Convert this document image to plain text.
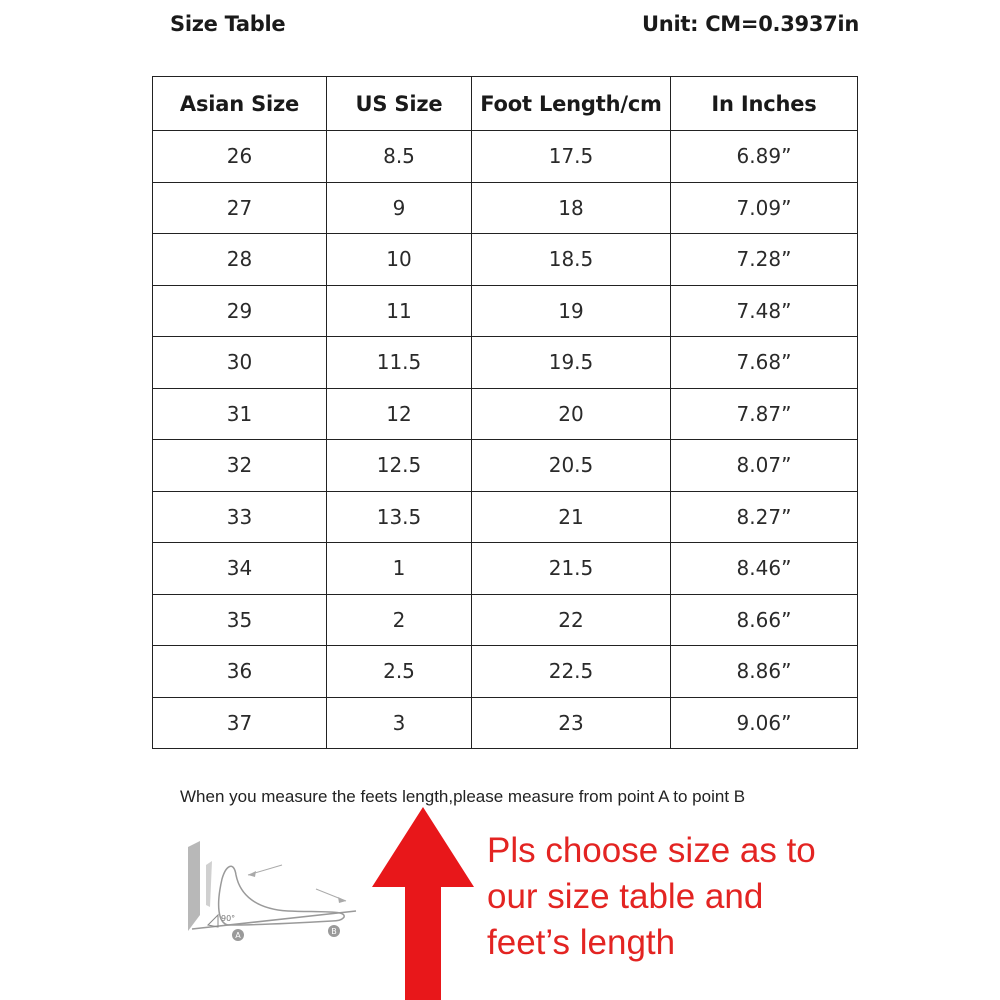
Size Table	Unit: CM=0.3937in
Asian Size	US Size	Foot Length/cm	In Inches
26	8.5	17.5	6.89”
27	9	18	7.09”
28	10	18.5	7.28”
29	11	19	7.48”
30	11.5	19.5	7.68”
31	12	20	7.87”
32	12.5	20.5	8.07”
33	13.5	21	8.27”
34	1	21.5	8.46”
35	2	22	8.66”
36	2.5	22.5	8.86”
37	3	23	9.06”
When you measure the feets length,please measure from point A to point B
90°
A	B
Pls choose size as to
our size table and
feet’s length
